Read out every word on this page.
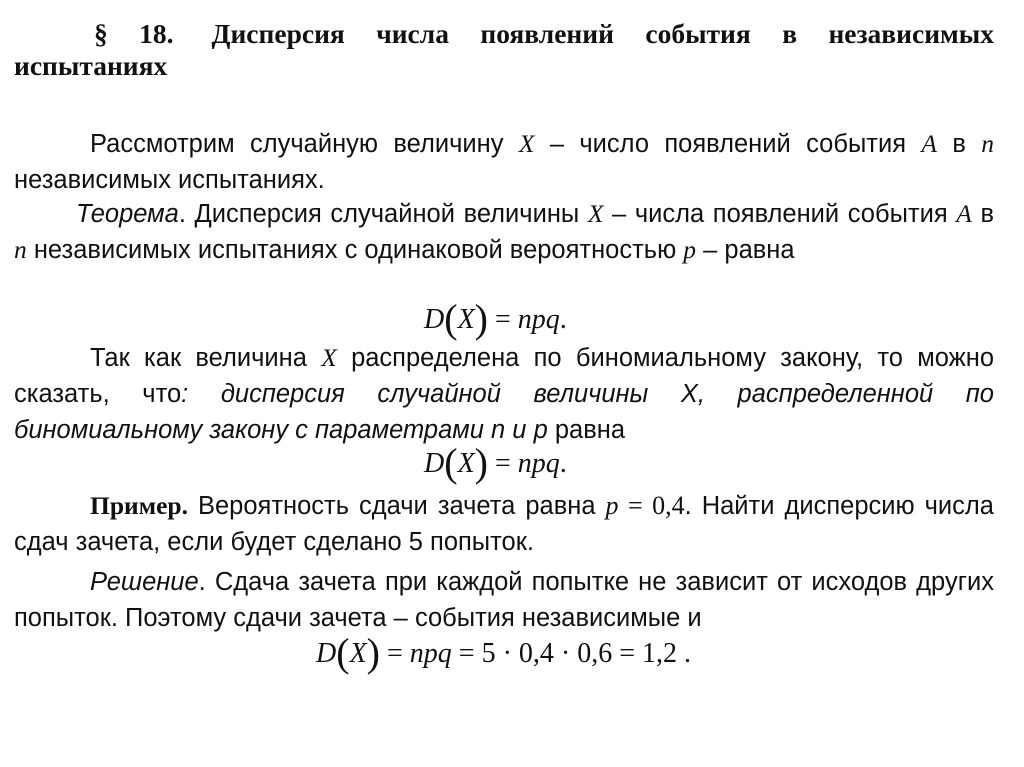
§ 18. Дисперсия числа появлений события в независимых испытаниях
Рассмотрим случайную величину X – число появлений события A в n независимых испытаниях.
Теорема. Дисперсия случайной величины X – числа появлений события A в n независимых испытаниях с одинаковой вероятностью p – равна
D(X) = npq.
Так как величина X распределена по биномиальному закону, то можно сказать, что: дисперсия случайной величины X, распределенной по биномиальному закону с параметрами n и p равна
D(X) = npq.
Пример. Вероятность сдачи зачета равна p = 0,4. Найти дисперсию числа сдач зачета, если будет сделано 5 попыток.
Решение. Сдача зачета при каждой попытке не зависит от исходов других попыток. Поэтому сдачи зачета – события независимые и
D(X) = npq = 5 · 0,4 · 0,6 = 1,2 .
